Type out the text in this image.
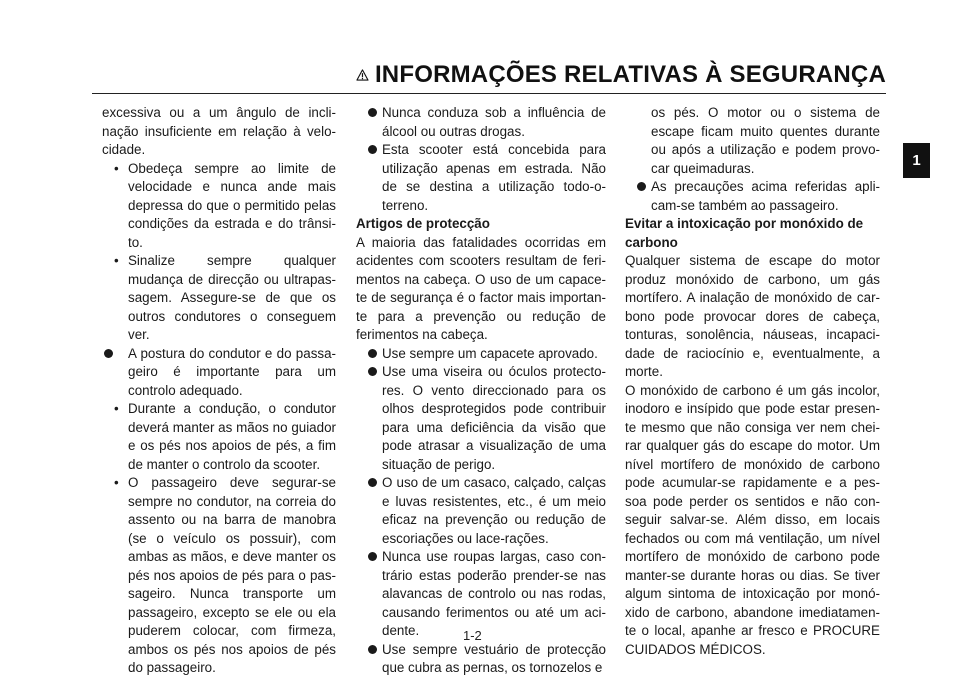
INFORMAÇÕES RELATIVAS À SEGURANÇA
1

excessiva ou a um ângulo de incli-nação insuficiente em relação à velo-cidade.

• Obedeça sempre ao limite de velocidade e nunca ande mais depressa do que o permitido pelas condições da estrada e do trânsi-to.

• Sinalize sempre qualquer mudança de direcção ou ultrapas-sagem. Assegure-se de que os outros condutores o conseguem ver.

A postura do condutor e do passa-geiro é importante para um controlo adequado.

• Durante a condução, o condutor deverá manter as mãos no guiador e os pés nos apoios de pés, a fim de manter o controlo da scooter.

• O passageiro deve segurar-se sempre no condutor, na correia do assento ou na barra de manobra (se o veículo os possuir), com ambas as mãos, e deve manter os pés nos apoios de pés para o pas-sageiro. Nunca transporte um passageiro, excepto se ele ou ela puderem colocar, com firmeza, ambos os pés nos apoios de pés do passageiro.

Nunca conduza sob a influência de álcool ou outras drogas.

Esta scooter está concebida para utilização apenas em estrada. Não de se destina a utilização todo-o-terreno.

Artigos de protecção

A maioria das fatalidades ocorridas em acidentes com scooters resultam de feri-mentos na cabeça. O uso de um capace-te de segurança é o factor mais importan-te para a prevenção ou redução de ferimentos na cabeça.

Use sempre um capacete aprovado.

Use uma viseira ou óculos protecto-res. O vento direccionado para os olhos desprotegidos pode contribuir para uma deficiência da visão que pode atrasar a visualização de uma situação de perigo.

O uso de um casaco, calçado, calças e luvas resistentes, etc., é um meio eficaz na prevenção ou redução de escoriações ou lace-rações.

Nunca use roupas largas, caso con-trário estas poderão prender-se nas alavancas de controlo ou nas rodas, causando ferimentos ou até um aci-dente.

Use sempre vestuário de protecção que cubra as pernas, os tornozelos e

os pés. O motor ou o sistema de escape ficam muito quentes durante ou após a utilização e podem provo-car queimaduras.

As precauções acima referidas apli-cam-se também ao passageiro.

Evitar a intoxicação por monóxido de carbono

Qualquer sistema de escape do motor produz monóxido de carbono, um gás mortífero. A inalação de monóxido de car-bono pode provocar dores de cabeça, tonturas, sonolência, náuseas, incapaci-dade de raciocínio e, eventualmente, a morte.

O monóxido de carbono é um gás incolor, inodoro e insípido que pode estar presen-te mesmo que não consiga ver nem chei-rar qualquer gás do escape do motor. Um nível mortífero de monóxido de carbono pode acumular-se rapidamente e a pes-soa pode perder os sentidos e não con-seguir salvar-se. Além disso, em locais fechados ou com má ventilação, um nível mortífero de monóxido de carbono pode manter-se durante horas ou dias. Se tiver algum sintoma de intoxicação por monó-xido de carbono, abandone imediatamen-te o local, apanhe ar fresco e PROCURE CUIDADOS MÉDICOS.

1-2
